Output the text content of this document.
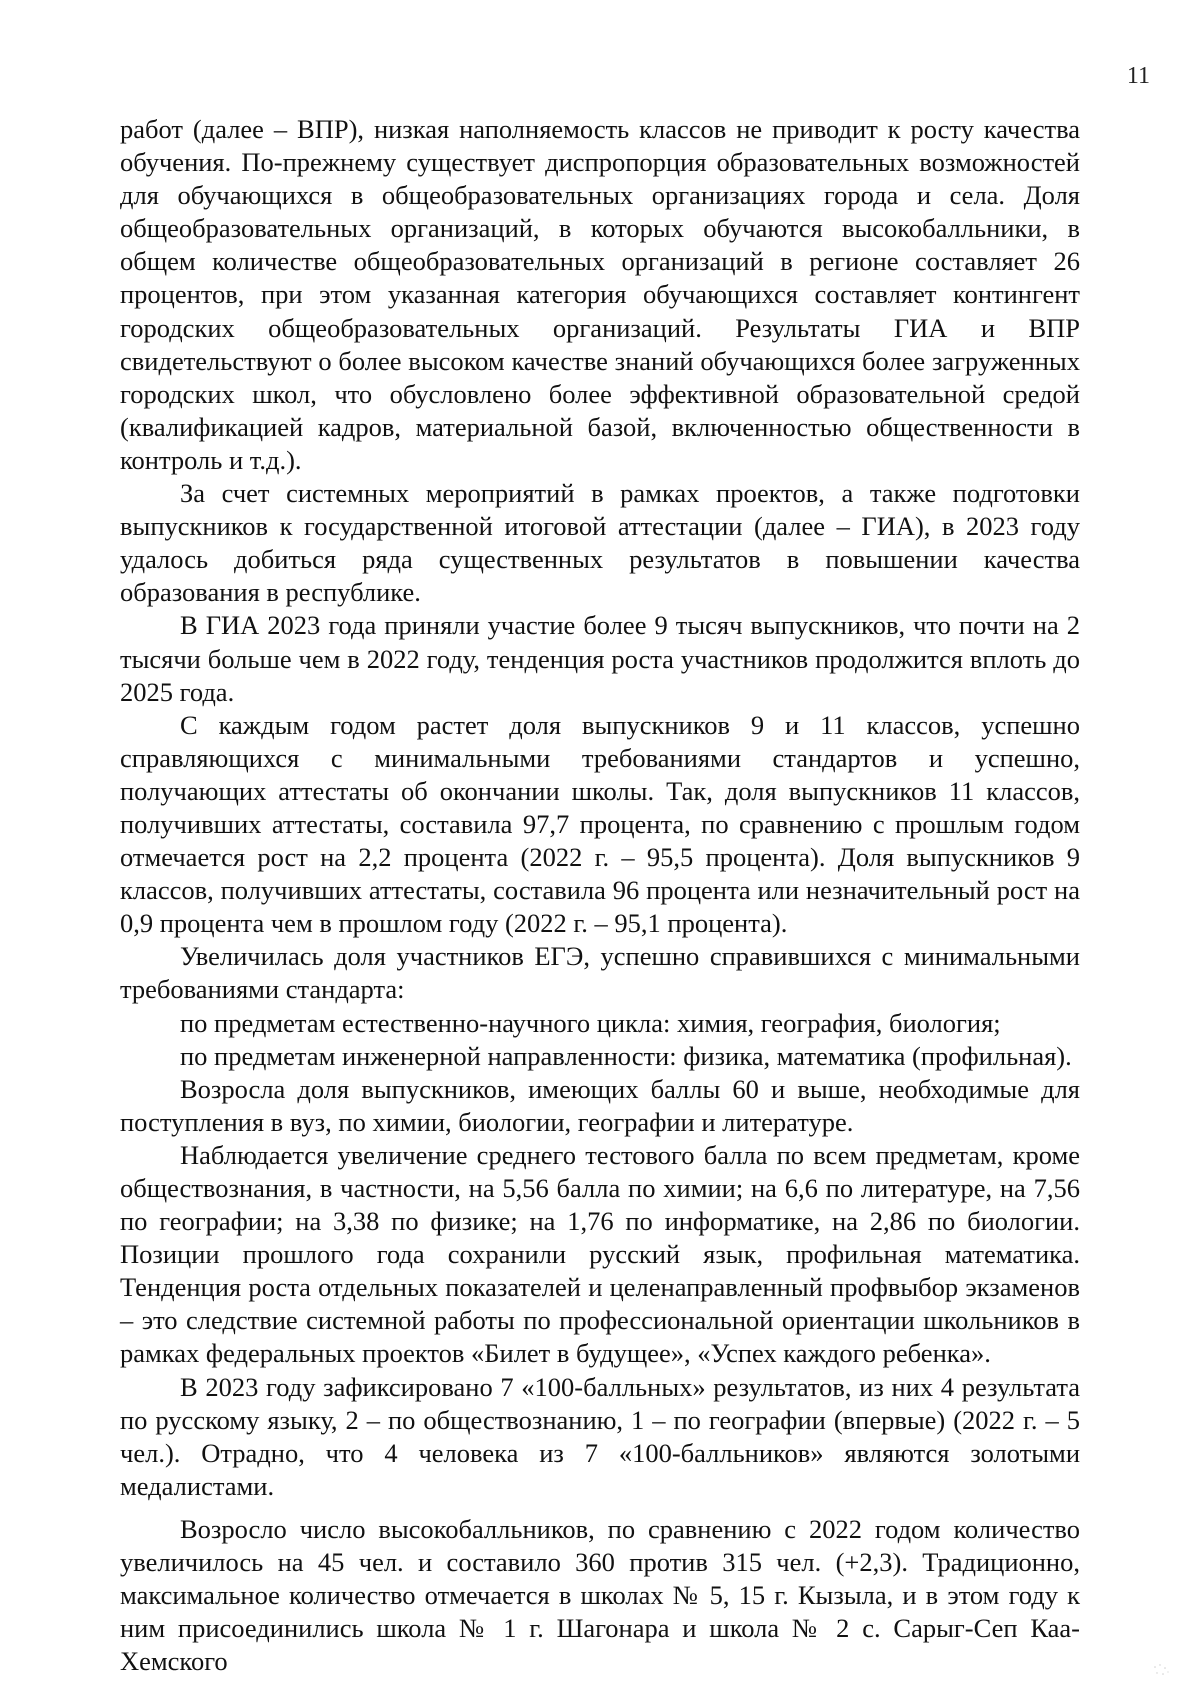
11

работ (далее – ВПР), низкая наполняемость классов не приводит к росту качества обучения. По-прежнему существует диспропорция образовательных возможностей для обучающихся в общеобразовательных организациях города и села. Доля общеобразовательных организаций, в которых обучаются высокобалльники, в общем количестве общеобразовательных организаций в регионе составляет 26 процентов, при этом указанная категория обучающихся составляет контингент городских общеобразовательных организаций. Результаты ГИА и ВПР свидетельствуют о более высоком качестве знаний обучающихся более загруженных городских школ, что обусловлено более эффективной образовательной средой (квалификацией кадров, материальной базой, включенностью общественности в контроль и т.д.).

За счет системных мероприятий в рамках проектов, а также подготовки выпускников к государственной итоговой аттестации (далее – ГИА), в 2023 году удалось добиться ряда существенных результатов в повышении качества образования в республике.

В ГИА 2023 года приняли участие более 9 тысяч выпускников, что почти на 2 тысячи больше чем в 2022 году, тенденция роста участников продолжится вплоть до 2025 года.

С каждым годом растет доля выпускников 9 и 11 классов, успешно справляющихся с минимальными требованиями стандартов и успешно, получающих аттестаты об окончании школы. Так, доля выпускников 11 классов, получивших аттестаты, составила 97,7 процента, по сравнению с прошлым годом отмечается рост на 2,2 процента (2022 г. – 95,5 процента). Доля выпускников 9 классов, получивших аттестаты, составила 96 процента или незначительный рост на 0,9 процента чем в прошлом году (2022 г. – 95,1 процента).

Увеличилась доля участников ЕГЭ, успешно справившихся с минимальными требованиями стандарта:

по предметам естественно-научного цикла: химия, география, биология;

по предметам инженерной направленности: физика, математика (профильная).

Возросла доля выпускников, имеющих баллы 60 и выше, необходимые для поступления в вуз, по химии, биологии, географии и литературе.

Наблюдается увеличение среднего тестового балла по всем предметам, кроме обществознания, в частности, на 5,56 балла по химии; на 6,6 по литературе, на 7,56 по географии; на 3,38 по физике; на 1,76 по информатике, на 2,86 по биологии. Позиции прошлого года сохранили русский язык, профильная математика. Тенденция роста отдельных показателей и целенаправленный профвыбор экзаменов – это следствие системной работы по профессиональной ориентации школьников в рамках федеральных проектов «Билет в будущее», «Успех каждого ребенка».

В 2023 году зафиксировано 7 «100-балльных» результатов, из них 4 результата по русскому языку, 2 – по обществознанию, 1 – по географии (впервые) (2022 г. – 5 чел.). Отрадно, что 4 человека из 7 «100-балльников» являются золотыми медалистами.

Возросло число высокобалльников, по сравнению с 2022 годом количество увеличилось на 45 чел. и составило 360 против 315 чел. (+2,3). Традиционно, максимальное количество отмечается в школах № 5, 15 г. Кызыла, и в этом году к ним присоединились школа № 1 г. Шагонара и школа № 2 с. Сарыг-Сеп Каа-Хемского
